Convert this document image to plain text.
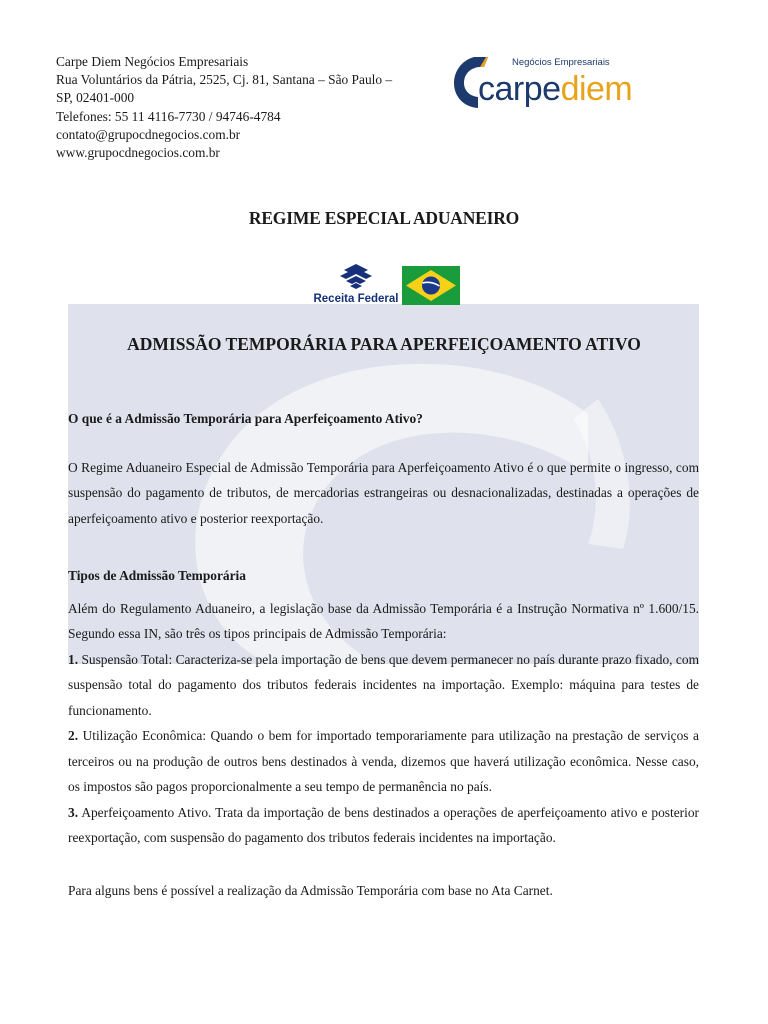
Carpe Diem Negócios Empresariais
Rua Voluntários da Pátria, 2525, Cj. 81, Santana – São Paulo –
SP, 02401-000
Telefones: 55 11 4116-7730 / 94746-4784
contato@grupocdnegocios.com.br
www.grupocdnegocios.com.br
Negócios Empresariais
carpediem
REGIME ESPECIAL ADUANEIRO
Receita Federal
ADMISSÃO TEMPORÁRIA PARA APERFEIÇOAMENTO ATIVO

O que é a Admissão Temporária para Aperfeiçoamento Ativo?

O Regime Aduaneiro Especial de Admissão Temporária para Aperfeiçoamento Ativo é o que permite o ingresso, com suspensão do pagamento de tributos, de mercadorias estrangeiras ou desnacionalizadas, destinadas a operações de aperfeiçoamento ativo e posterior reexportação.

Tipos de Admissão Temporária

Além do Regulamento Aduaneiro, a legislação base da Admissão Temporária é a Instrução Normativa nº 1.600/15. Segundo essa IN, são três os tipos principais de Admissão Temporária:

1. Suspensão Total: Caracteriza-se pela importação de bens que devem permanecer no país durante prazo fixado, com suspensão total do pagamento dos tributos federais incidentes na importação. Exemplo: máquina para testes de funcionamento.

2. Utilização Econômica: Quando o bem for importado temporariamente para utilização na prestação de serviços a terceiros ou na produção de outros bens destinados à venda, dizemos que haverá utilização econômica. Nesse caso, os impostos são pagos proporcionalmente a seu tempo de permanência no país.

3. Aperfeiçoamento Ativo. Trata da importação de bens destinados a operações de aperfeiçoamento ativo e posterior reexportação, com suspensão do pagamento dos tributos federais incidentes na importação.

Para alguns bens é possível a realização da Admissão Temporária com base no Ata Carnet.
